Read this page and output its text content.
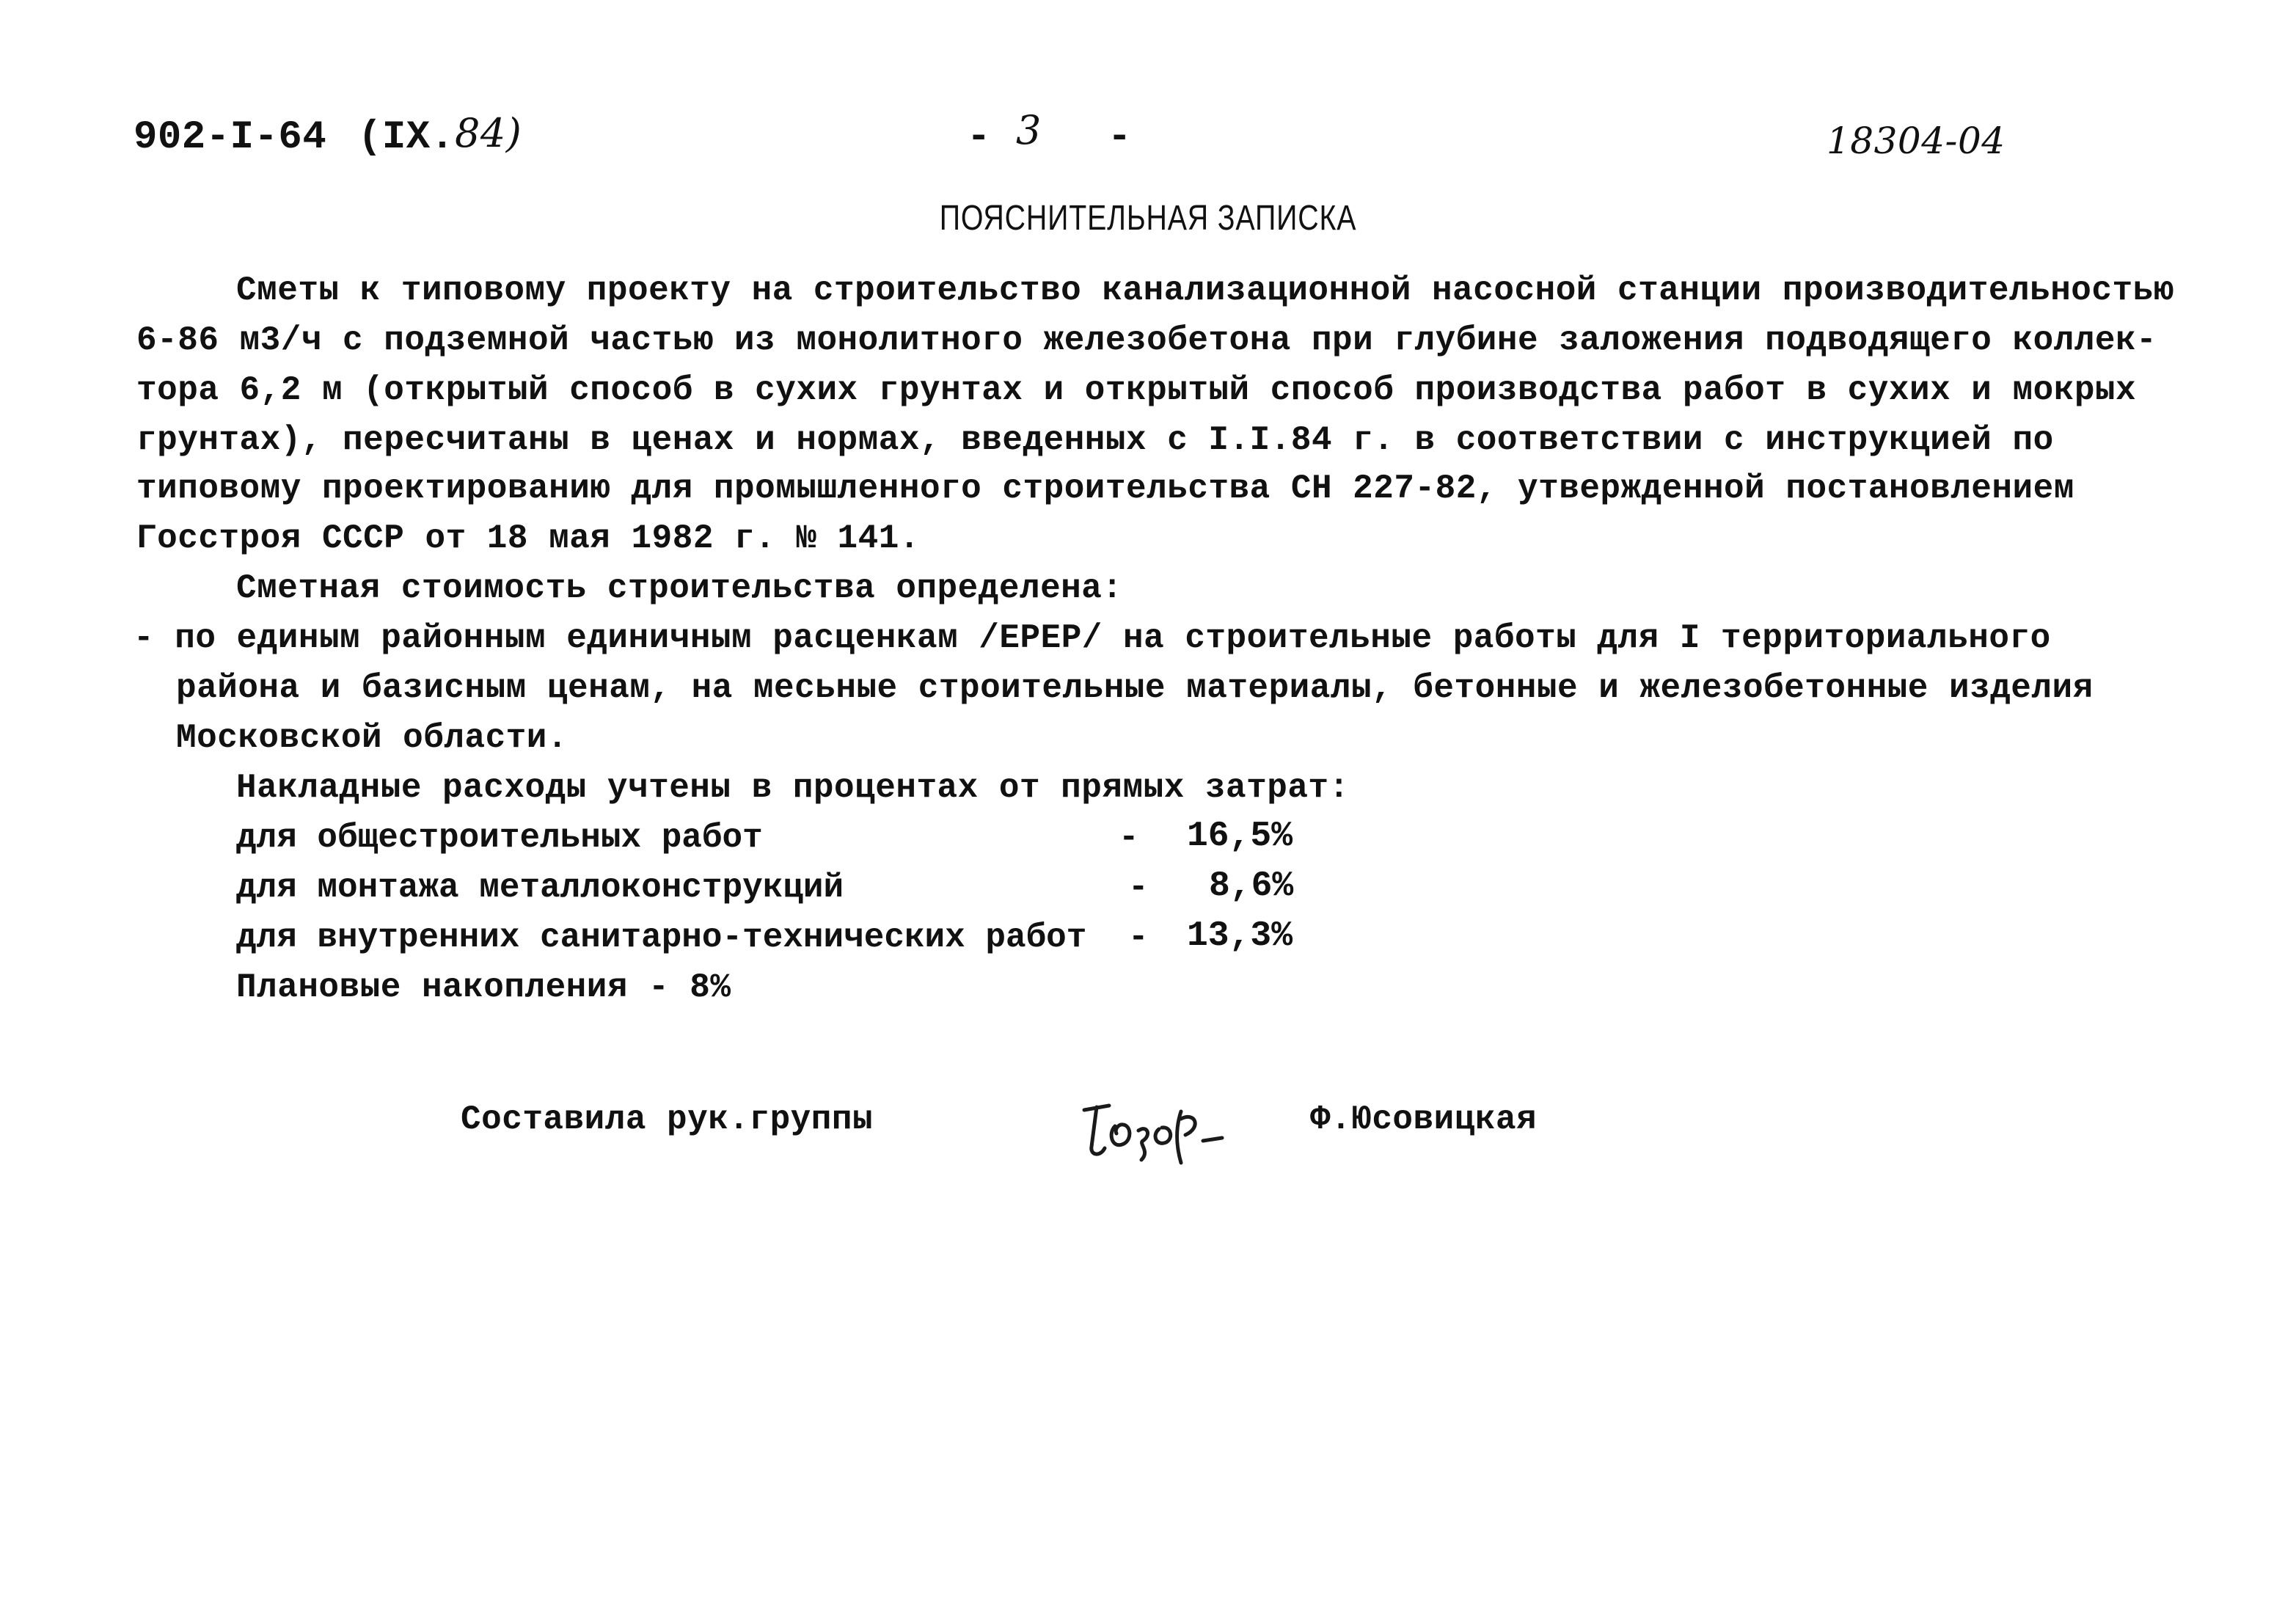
902-I-64 (IX. 84)	- 3 -	18304-04
ПОЯСНИТЕЛЬНАЯ ЗАПИСКА
Сметы к типовому проекту на строительство канализационной насосной станции производительностью
6-86 м3/ч с подземной частью из монолитного железобетона при глубине заложения подводящего коллек-
тора 6,2 м (открытый способ в сухих грунтах и открытый способ производства работ в сухих и мокрых
грунтах), пересчитаны в ценах и нормах, введенных с I.I.84 г. в соответствии с инструкцией по
типовому проектированию для промышленного строительства СН 227-82, утвержденной постановлением
Госстроя СССР от 18 мая 1982 г. № 141.
Сметная стоимость строительства определена:
- по единым районным единичным расценкам /ЕРЕР/ на строительные работы для I территориального
района и базисным ценам, на месьные строительные материалы, бетонные и железобетонные изделия
Московской области.
Накладные расходы учтены в процентах от прямых затрат:
для общестроительных работ	- 16,5%
для монтажа металлоконструкций	- 8,6%
для внутренних санитарно-технических работ - 13,3%
Плановые накопления - 8%
Составила рук.группы	Ф.Юсовицкая
